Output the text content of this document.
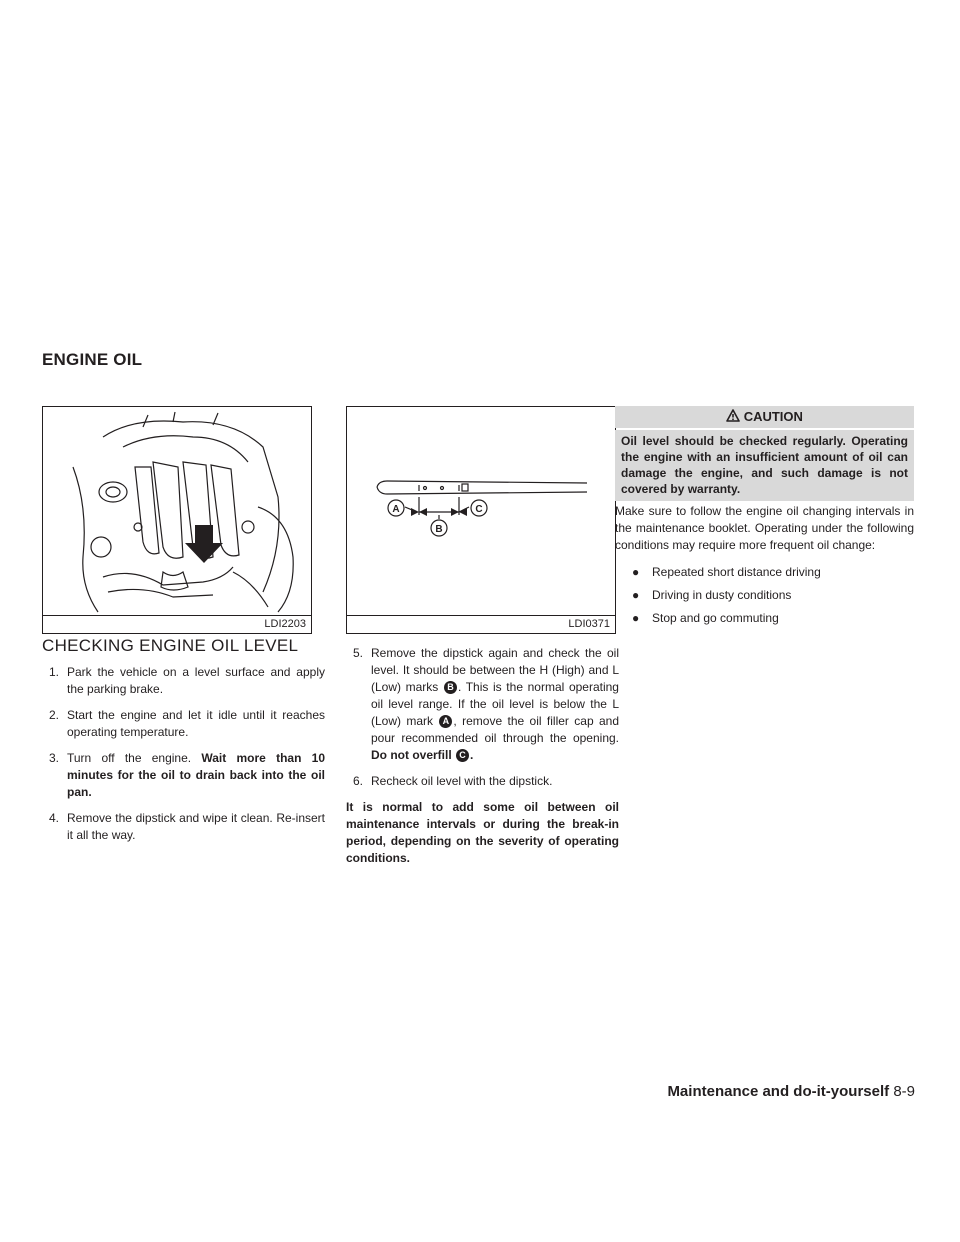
ENGINE OIL
LDI2203
A
B
C
LDI0371
CHECKING ENGINE OIL LEVEL
1. Park the vehicle on a level surface and apply the parking brake.
2. Start the engine and let it idle until it reaches operating temperature.
3. Turn off the engine. Wait more than 10 minutes for the oil to drain back into the oil pan.
4. Remove the dipstick and wipe it clean. Re-insert it all the way.
5. Remove the dipstick again and check the oil level. It should be between the H (High) and L (Low) marks B . This is the normal operating oil level range. If the oil level is below the L (Low) mark A , remove the oil filler cap and pour recommended oil through the opening. Do not overfill C .
6. Recheck oil level with the dipstick.
It is normal to add some oil between oil maintenance intervals or during the break-in period, depending on the severity of operating conditions.
CAUTION
Oil level should be checked regularly. Operating the engine with an insufficient amount of oil can damage the engine, and such damage is not covered by warranty.
Make sure to follow the engine oil changing intervals in the maintenance booklet. Operating under the following conditions may require more frequent oil change:
● Repeated short distance driving
● Driving in dusty conditions
● Stop and go commuting
Maintenance and do-it-yourself 8-9
